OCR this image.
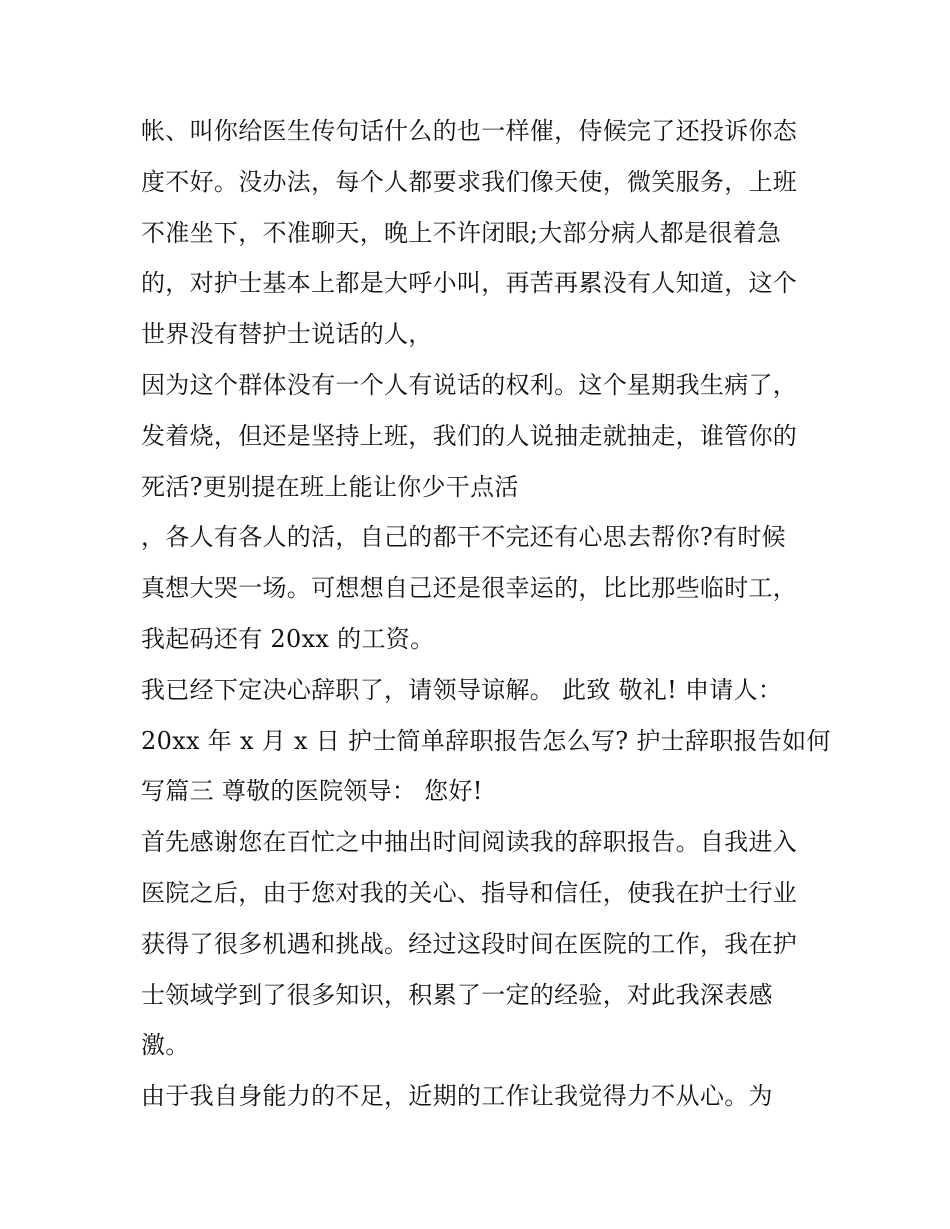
帐、叫你给医生传句话什么的也一样催，侍候完了还投诉你态
度不好。没办法，每个人都要求我们像天使，微笑服务，上班
不准坐下，不准聊天，晚上不许闭眼;大部分病人都是很着急
的，对护士基本上都是大呼小叫，再苦再累没有人知道，这个
世界没有替护士说话的人，
因为这个群体没有一个人有说话的权利。这个星期我生病了，
发着烧，但还是坚持上班，我们的人说抽走就抽走，谁管你的
死活?更别提在班上能让你少干点活
，各人有各人的活，自己的都干不完还有心思去帮你?有时候
真想大哭一场。可想想自己还是很幸运的，比比那些临时工，
我起码还有 20xx 的工资。
我已经下定决心辞职了，请领导谅解。 此致 敬礼! 申请人：
20xx 年 x 月 x 日 护士简单辞职报告怎么写? 护士辞职报告如何
写篇三 尊敬的医院领导： 您好!
首先感谢您在百忙之中抽出时间阅读我的辞职报告。自我进入
医院之后，由于您对我的关心、指导和信任，使我在护士行业
获得了很多机遇和挑战。经过这段时间在医院的工作，我在护
士领域学到了很多知识，积累了一定的经验，对此我深表感
激。
由于我自身能力的不足，近期的工作让我觉得力不从心。为
